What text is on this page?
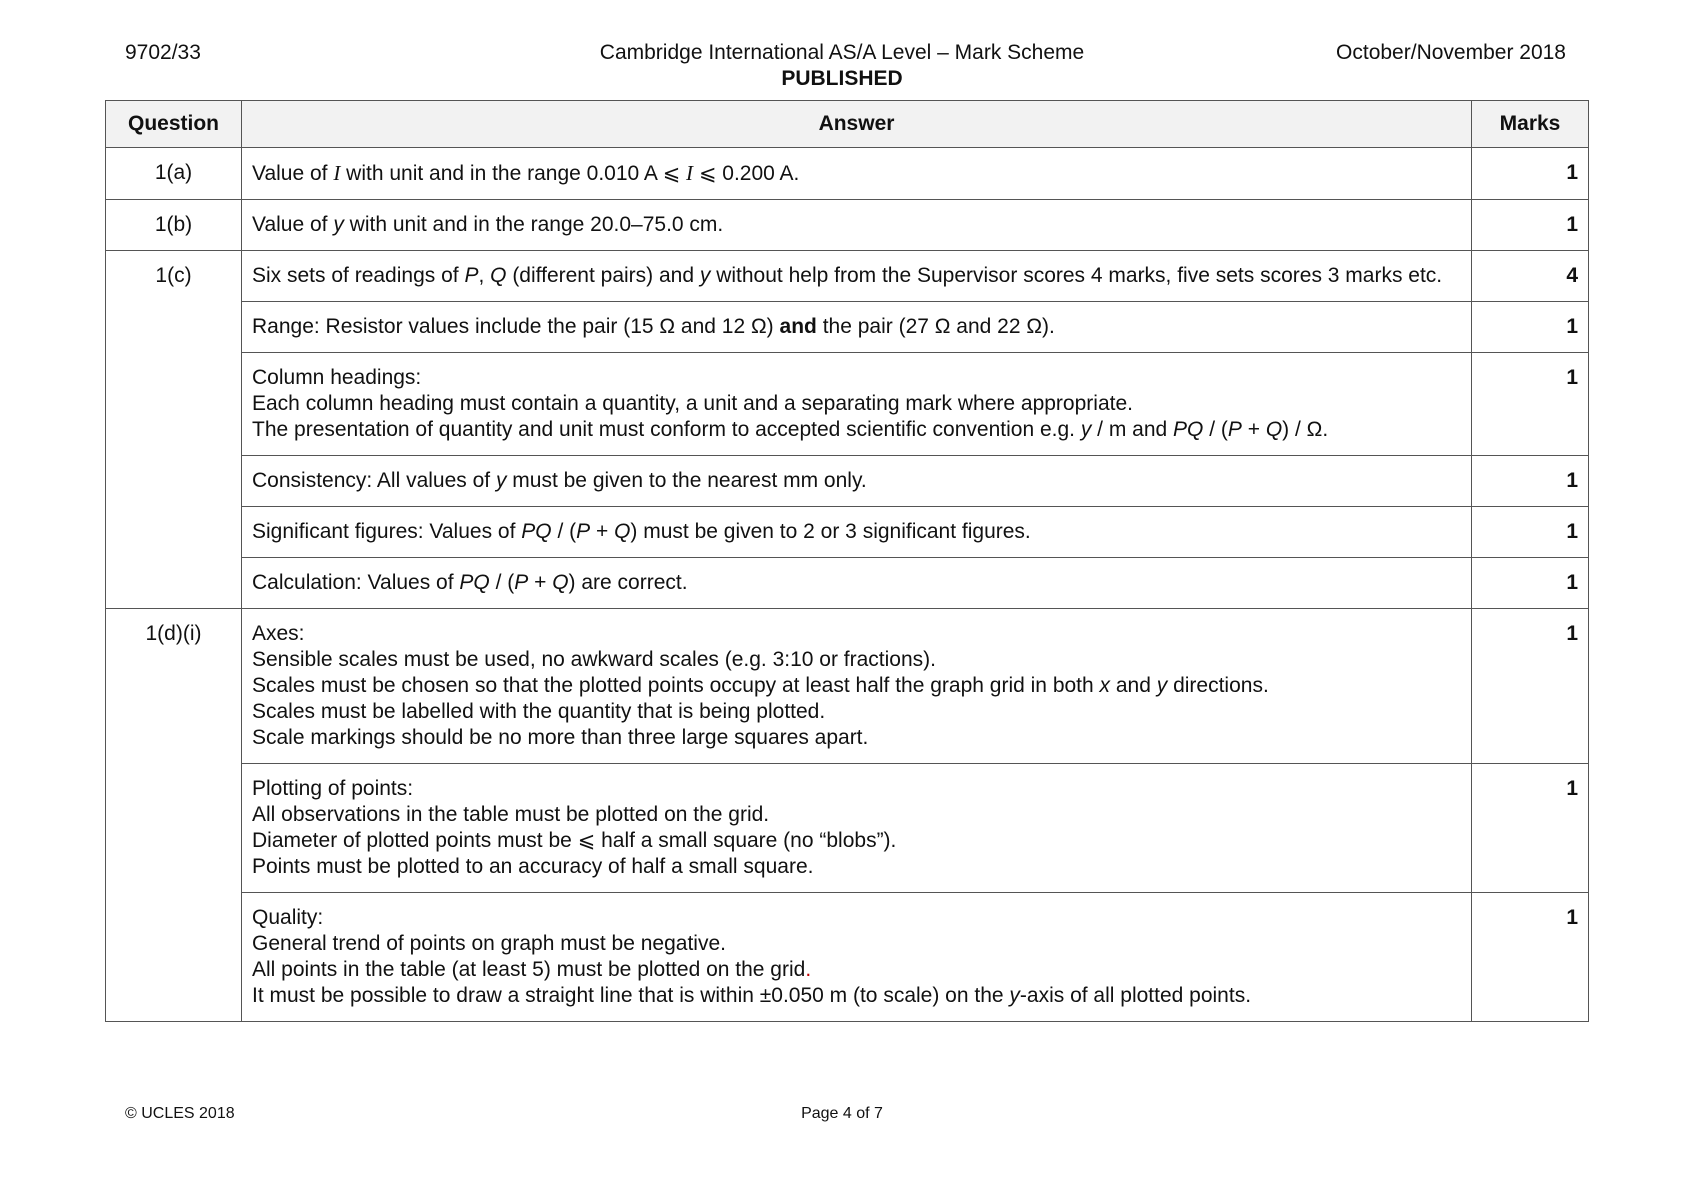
9702/33	Cambridge International AS/A Level – Mark Scheme
PUBLISHED
October/November 2018
Question	Answer	Marks
1(a)	Value of I with unit and in the range 0.010 A ⩽ I ⩽ 0.200 A.	1
1(b)	Value of y with unit and in the range 20.0–75.0 cm.	1
1(c)	Six sets of readings of P, Q (different pairs) and y without help from the Supervisor scores 4 marks, five sets scores 3 marks etc.	4
	Range: Resistor values include the pair (15 Ω and 12 Ω) and the pair (27 Ω and 22 Ω).	1

	Column headings:
Each column heading must contain a quantity, a unit and a separating mark where appropriate.
The presentation of quantity and unit must conform to accepted scientific convention e.g. y / m and PQ / (P + Q) / Ω.	1
	Consistency: All values of y must be given to the nearest mm only.	1
	Significant figures: Values of PQ / (P + Q) must be given to 2 or 3 significant figures.	1
	Calculation: Values of PQ / (P + Q) are correct.	1
1(d)(i)	Axes:
Sensible scales must be used, no awkward scales (e.g. 3:10 or fractions).
Scales must be chosen so that the plotted points occupy at least half the graph grid in both x and y directions.
Scales must be labelled with the quantity that is being plotted.
Scale markings should be no more than three large squares apart.	1

	Plotting of points:
All observations in the table must be plotted on the grid.
Diameter of plotted points must be ⩽ half a small square (no “blobs”).
Points must be plotted to an accuracy of half a small square.	1

	Quality:
General trend of points on graph must be negative.
All points in the table (at least 5) must be plotted on the grid.
It must be possible to draw a straight line that is within ±0.050 m (to scale) on the y-axis of all plotted points.	1
© UCLES 2018	Page 4 of 7
